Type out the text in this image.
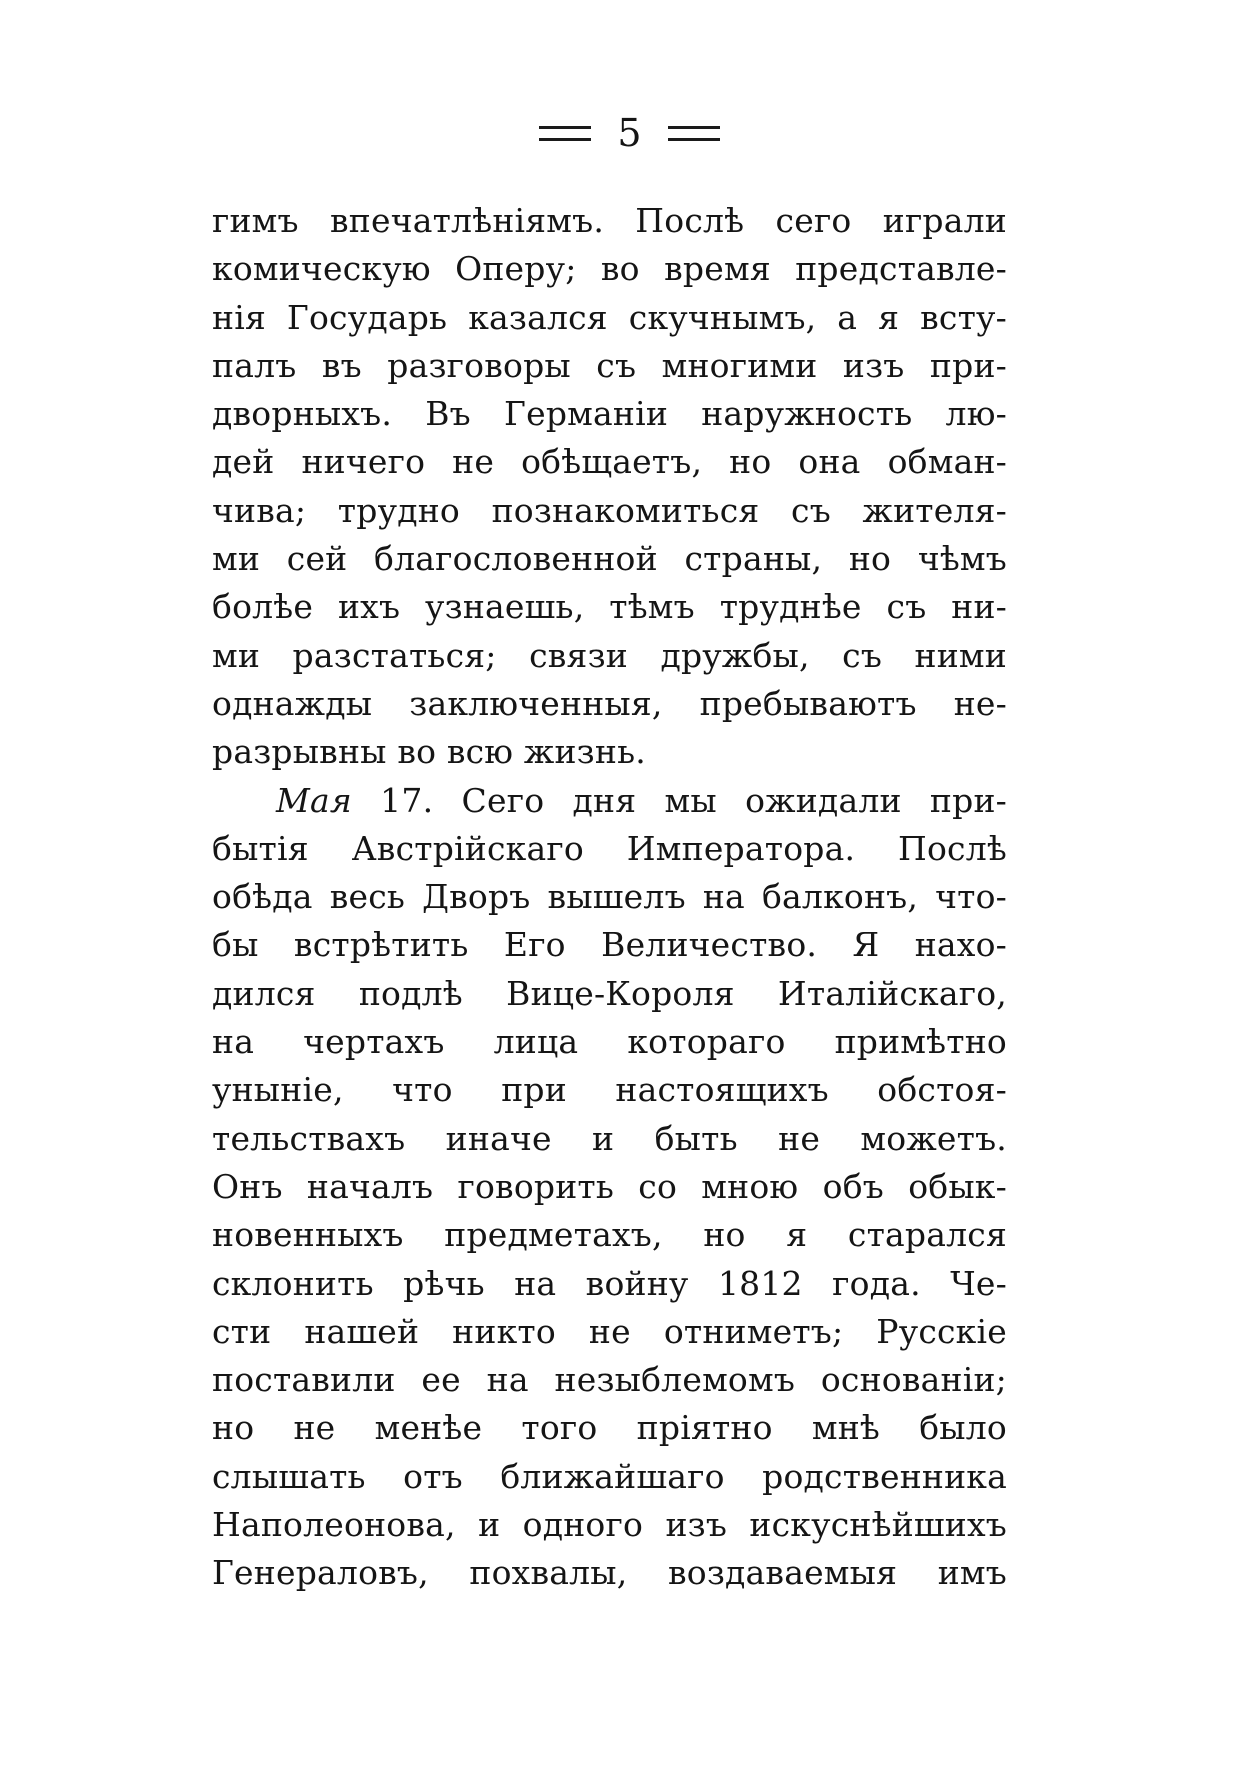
5
гимъ впечатлѣніямъ. Послѣ сего играли
комическую Оперу; во время представле-
нія Государь казался скучнымъ, а я всту-
палъ въ разговоры съ многими изъ при-
дворныхъ. Въ Германіи наружность лю-
дей ничего не обѣщаетъ, но она обман-
чива; трудно познакомиться съ жителя-
ми сей благословенной страны, но чѣмъ
болѣе ихъ узнаешь, тѣмъ труднѣе съ ни-
ми разстаться; связи дружбы, съ ними
однажды заключенныя, пребываютъ не-
разрывны во всю жизнь.
Мая 17. Сего дня мы ожидали при-
бытія Австрійскаго Императора. Послѣ
обѣда весь Дворъ вышелъ на балконъ, что-
бы встрѣтить Его Величество. Я нахо-
дился подлѣ Вице-Короля Италійскаго,
на чертахъ лица котораго примѣтно
уныніе, что при настоящихъ обстоя-
тельствахъ иначе и быть не можетъ.
Онъ началъ говорить со мною объ обык-
новенныхъ предметахъ, но я старался
склонить рѣчь на войну 1812 года. Че-
сти нашей никто не отниметъ; Русскіе
поставили ее на незыблемомъ основаніи;
но не менѣе того пріятно мнѣ было
слышать отъ ближайшаго родственника
Наполеонова, и одного изъ искуснѣйшихъ
Генераловъ, похвалы, воздаваемыя имъ
